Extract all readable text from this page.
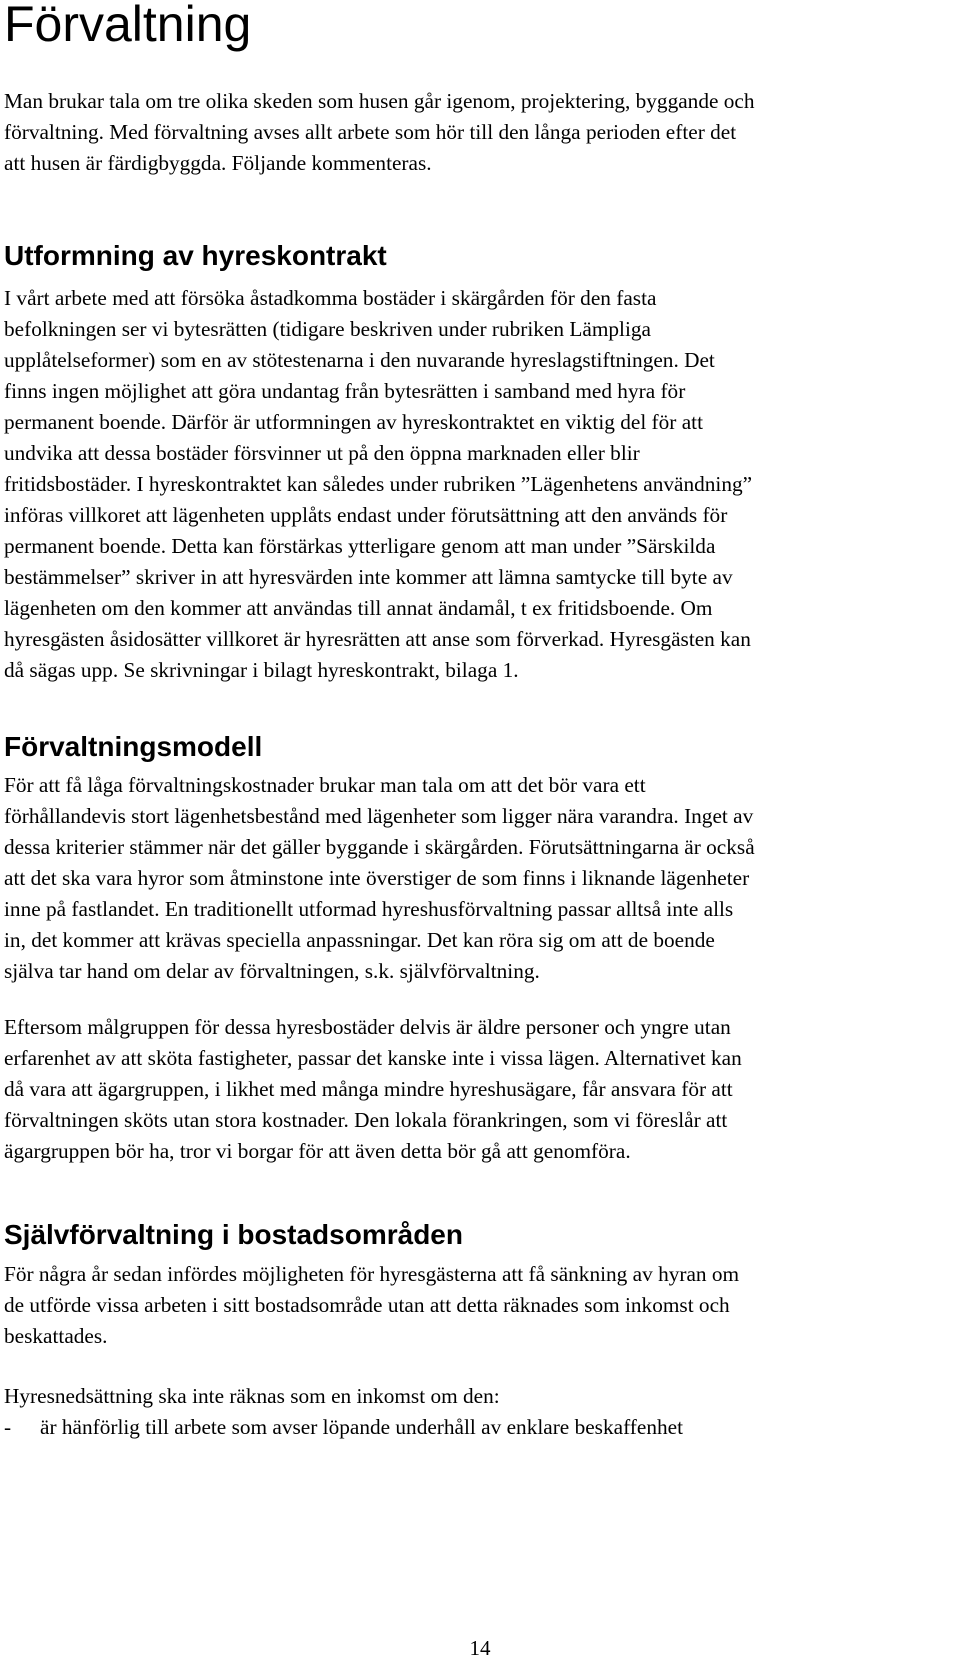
Förvaltning

Man brukar tala om tre olika skeden som husen går igenom, projektering, byggande och
förvaltning. Med förvaltning avses allt arbete som hör till den långa perioden efter det
att husen är färdigbyggda. Följande kommenteras.

Utformning av hyreskontrakt

I vårt arbete med att försöka åstadkomma bostäder i skärgården för den fasta
befolkningen ser vi bytesrätten (tidigare beskriven under rubriken Lämpliga
upplåtelseformer) som en av stötestenarna i den nuvarande hyreslagstiftningen. Det
finns ingen möjlighet att göra undantag från bytesrätten i samband med hyra för
permanent boende. Därför är utformningen av hyreskontraktet en viktig del för att
undvika att dessa bostäder försvinner ut på den öppna marknaden eller blir
fritidsbostäder. I hyreskontraktet kan således under rubriken ”Lägenhetens användning”
införas villkoret att lägenheten upplåts endast under förutsättning att den används för
permanent boende. Detta kan förstärkas ytterligare genom att man under ”Särskilda
bestämmelser” skriver in att hyresvärden inte kommer att lämna samtycke till byte av
lägenheten om den kommer att användas till annat ändamål, t ex fritidsboende. Om
hyresgästen åsidosätter villkoret är hyresrätten att anse som förverkad. Hyresgästen kan
då sägas upp. Se skrivningar i bilagt hyreskontrakt, bilaga 1.

Förvaltningsmodell

För att få låga förvaltningskostnader brukar man tala om att det bör vara ett
förhållandevis stort lägenhetsbestånd med lägenheter som ligger nära varandra. Inget av
dessa kriterier stämmer när det gäller byggande i skärgården. Förutsättningarna är också
att det ska vara hyror som åtminstone inte överstiger de som finns i liknande lägenheter
inne på fastlandet. En traditionellt utformad hyreshusförvaltning passar alltså inte alls
in, det kommer att krävas speciella anpassningar. Det kan röra sig om att de boende
själva tar hand om delar av förvaltningen, s.k. självförvaltning.

Eftersom målgruppen för dessa hyresbostäder delvis är äldre personer och yngre utan
erfarenhet av att sköta fastigheter, passar det kanske inte i vissa lägen. Alternativet kan
då vara att ägargruppen, i likhet med många mindre hyreshusägare, får ansvara för att
förvaltningen sköts utan stora kostnader. Den lokala förankringen, som vi föreslår att
ägargruppen bör ha, tror vi borgar för att även detta bör gå att genomföra.

Självförvaltning i bostadsområden

För några år sedan infördes möjligheten för hyresgästerna att få sänkning av hyran om
de utförde vissa arbeten i sitt bostadsområde utan att detta räknades som inkomst och
beskattades.

Hyresnedsättning ska inte räknas som en inkomst om den:
-	är hänförlig till arbete som avser löpande underhåll av enklare beskaffenhet
14
